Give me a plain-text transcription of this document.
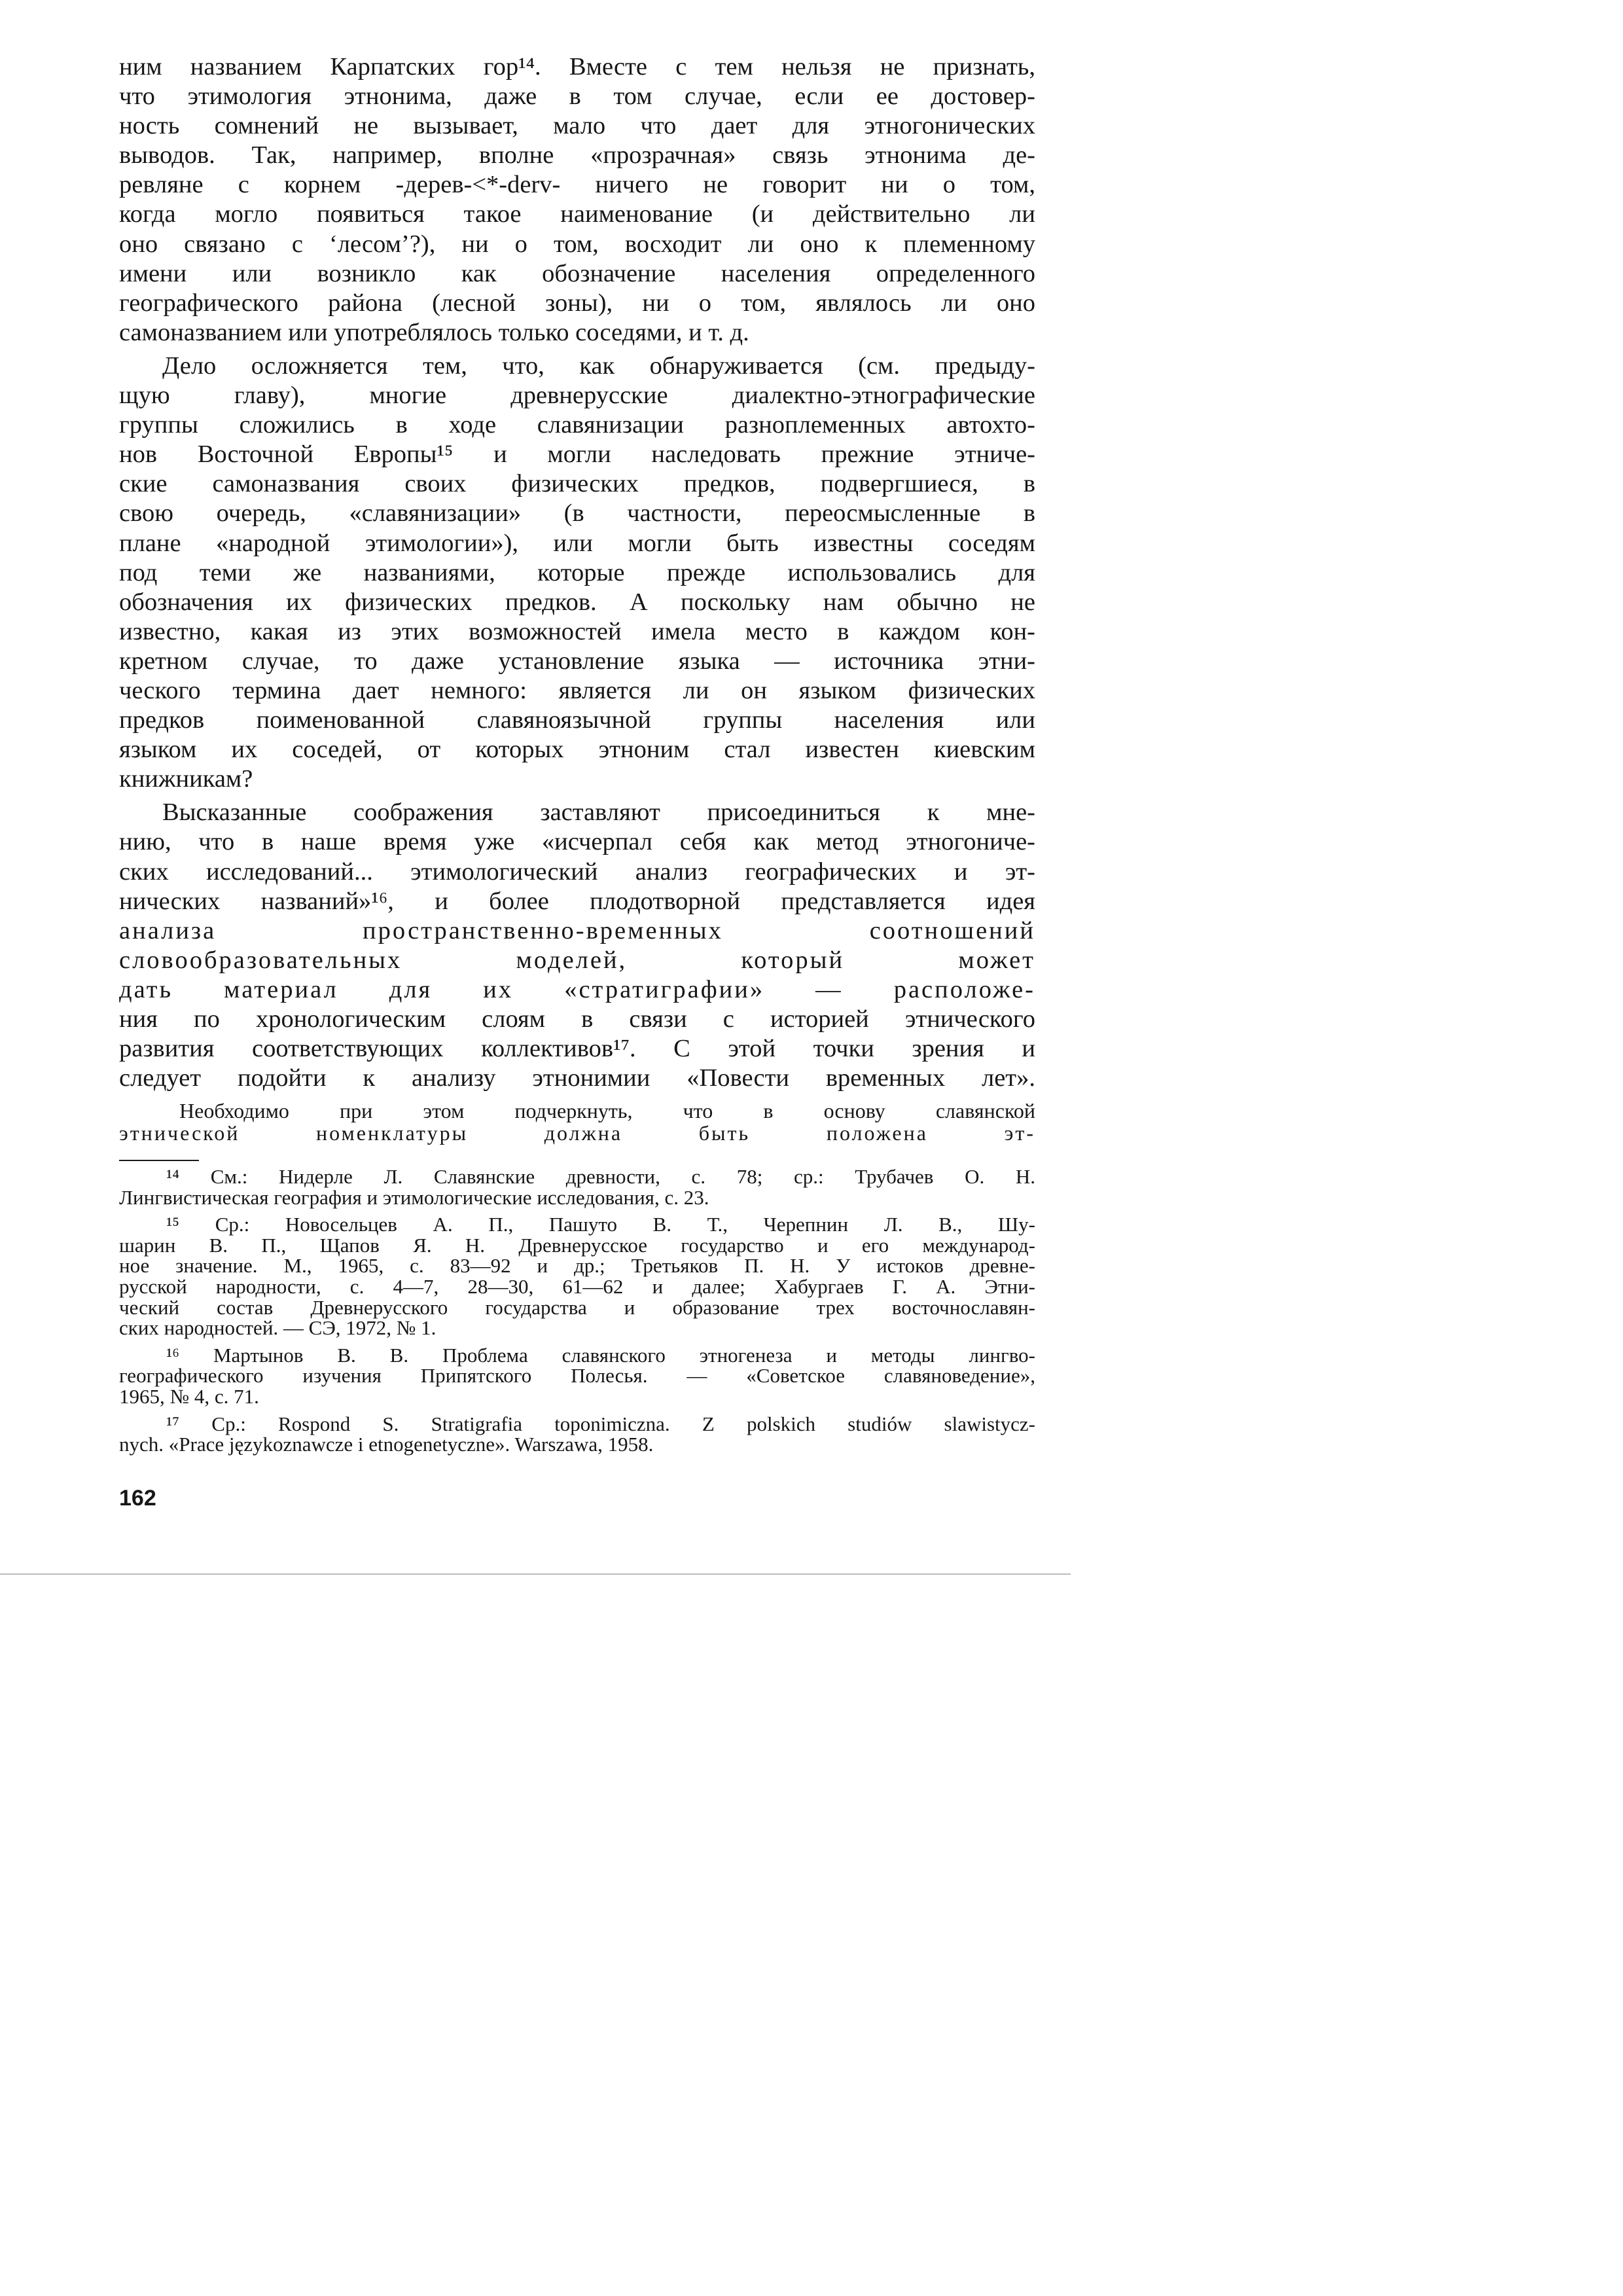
ним названием Карпатских гор¹⁴. Вместе с тем нельзя не признать,
что этимология этнонима, даже в том случае, если ее достовер-
ность сомнений не вызывает, мало что дает для этногонических
выводов. Так, например, вполне «прозрачная» связь этнонима де-
ревляне с корнем -дерев-<*-derv- ничего не говорит ни о том,
когда могло появиться такое наименование (и действительно ли
оно связано с ‘лесом’?), ни о том, восходит ли оно к племенному
имени или возникло как обозначение населения определенного
географического района (лесной зоны), ни о том, являлось ли оно
самоназванием или употреблялось только соседями, и т. д.
Дело осложняется тем, что, как обнаруживается (см. предыду-
щую главу), многие древнерусские диалектно-этнографические
группы сложились в ходе славянизации разноплеменных автохто-
нов Восточной Европы¹⁵ и могли наследовать прежние этниче-
ские самоназвания своих физических предков, подвергшиеся, в
свою очередь, «славянизации» (в частности, переосмысленные в
плане «народной этимологии»), или могли быть известны соседям
под теми же названиями, которые прежде использовались для
обозначения их физических предков. А поскольку нам обычно не
известно, какая из этих возможностей имела место в каждом кон-
кретном случае, то даже установление языка — источника этни-
ческого термина дает немного: является ли он языком физических
предков поименованной славяноязычной группы населения или
языком их соседей, от которых этноним стал известен киевским
книжникам?
Высказанные соображения заставляют присоединиться к мне-
нию, что в наше время уже «исчерпал себя как метод этногониче-
ских исследований... этимологический анализ географических и эт-
нических названий»¹⁶, и более плодотворной представляется идея
анализа пространственно-временных соотношений
словообразовательных моделей, который может
дать материал для их «стратиграфии» — расположе-
ния по хронологическим слоям в связи с историей этнического
развития соответствующих коллективов¹⁷. С этой точки зрения и
следует подойти к анализу этнонимии «Повести временных лет».
Необходимо при этом подчеркнуть, что в основу славянской
этнической номенклатуры должна быть положена эт-
¹⁴ См.: Нидерле Л. Славянские древности, с. 78; ср.: Трубачев О. Н.
Лингвистическая география и этимологические исследования, с. 23.
¹⁵ Ср.: Новосельцев А. П., Пашуто В. Т., Черепнин Л. В., Шу-
шарин В. П., Щапов Я. Н. Древнерусское государство и его международ-
ное значение. М., 1965, с. 83—92 и др.; Третьяков П. Н. У истоков древне-
русской народности, с. 4—7, 28—30, 61—62 и далее; Хабургаев Г. А. Этни-
ческий состав Древнерусского государства и образование трех восточнославян-
ских народностей. — СЭ, 1972, № 1.
¹⁶ Мартынов В. В. Проблема славянского этногенеза и методы лингво-
географического изучения Припятского Полесья. — «Советское славяноведение»,
1965, № 4, с. 71.
¹⁷ Ср.: Rospond S. Stratigrafia toponimiczna. Z polskich studiów slawistycz-
nych. «Prace językoznawcze i etnogenetyczne». Warszawa, 1958.
162
